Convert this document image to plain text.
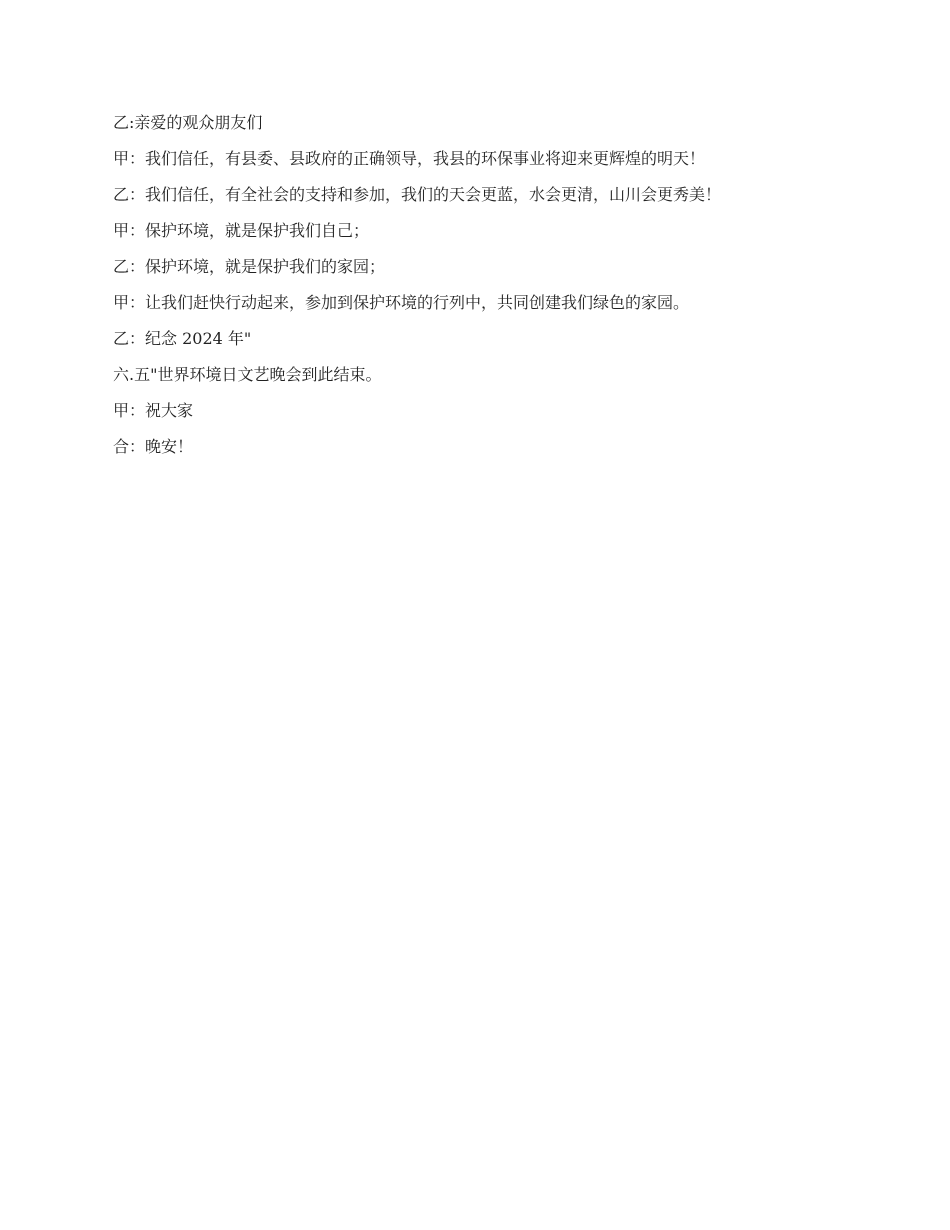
乙:亲爱的观众朋友们
甲：我们信任，有县委、县政府的正确领导，我县的环保事业将迎来更辉煌的明天！
乙：我们信任，有全社会的支持和参加，我们的天会更蓝，水会更清，山川会更秀美！
甲：保护环境，就是保护我们自己；
乙：保护环境，就是保护我们的家园；
甲：让我们赶快行动起来，参加到保护环境的行列中，共同创建我们绿色的家园。
乙：纪念 2024 年"
六.五"世界环境日文艺晚会到此结束。
甲：祝大家
合：晚安！
